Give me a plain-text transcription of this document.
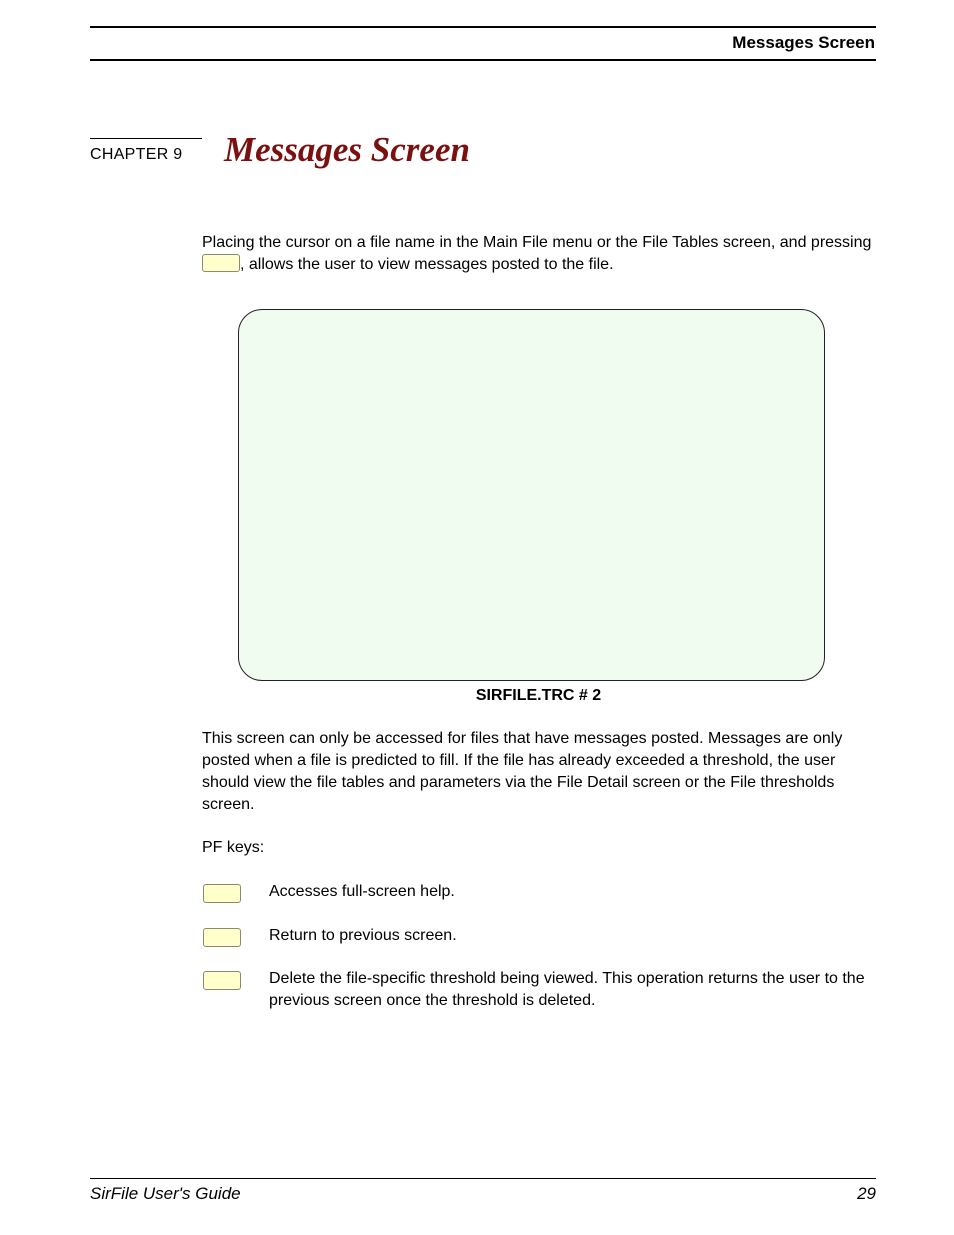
Messages Screen
CHAPTER 9 Messages Screen
Placing the cursor on a file name in the Main File menu or the File Tables screen, and pressing , allows the user to view messages posted to the file.
SIRFILE.TRC # 2
This screen can only be accessed for files that have messages posted. Messages are only posted when a file is predicted to fill. If the file has already exceeded a threshold, the user should view the file tables and parameters via the File Detail screen or the File thresholds screen.
PF keys:
Accesses full-screen help.
Return to previous screen.
Delete the file-specific threshold being viewed. This operation returns the user to the previous screen once the threshold is deleted.
SirFile User's Guide	29
